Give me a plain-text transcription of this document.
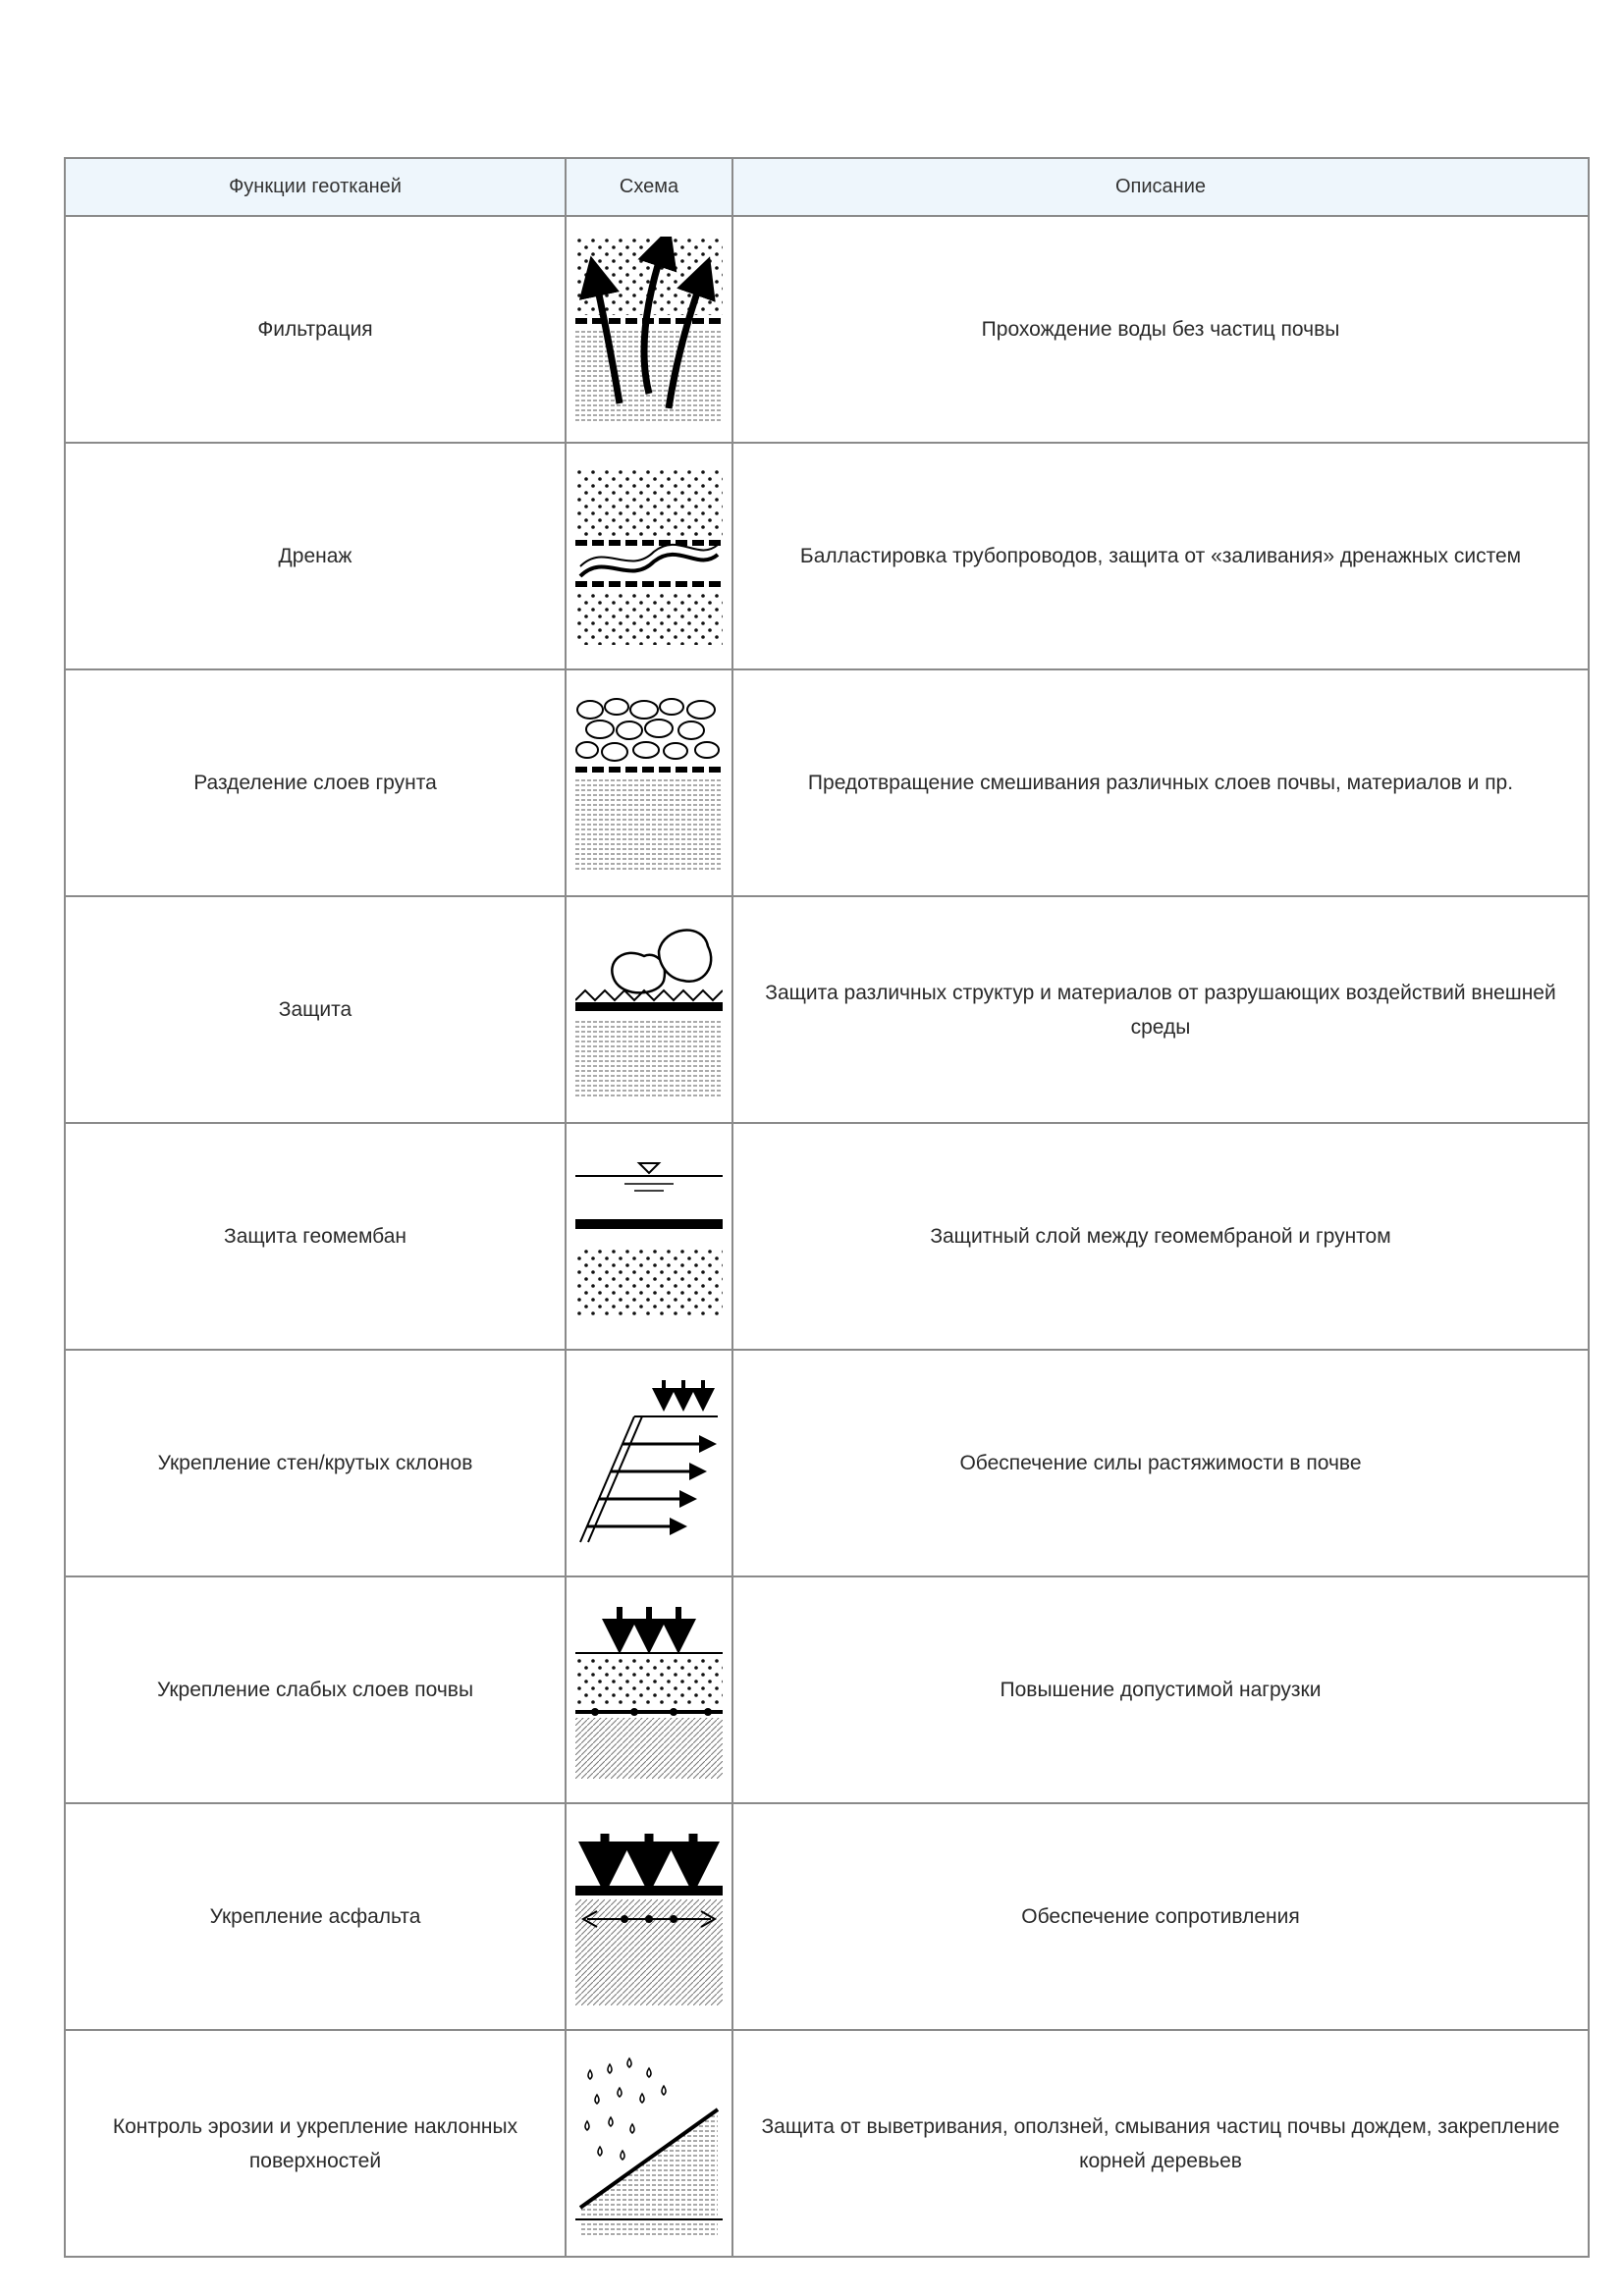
Функции геотканей	Схема	Описание
Фильтрация		Прохождение воды без частиц почвы
Дренаж		Балластировка трубопроводов, защита от «заливания» дренажных систем
Разделение слоев грунта		Предотвращение смешивания различных слоев почвы, материалов и пр.
Защита		Защита различных структур и материалов от разрушающих воздействий внешней среды
Защита геомембан		Защитный слой между геомембраной и грунтом
Укрепление стен/крутых склонов		Обеспечение силы растяжимости в почве
Укрепление слабых слоев почвы		Повышение допустимой нагрузки
Укрепление асфальта		Обеспечение сопротивления
Контроль эрозии и укрепление наклонных поверхностей		Защита от выветривания, оползней, смывания частиц почвы дождем, закрепление корней деревьев
